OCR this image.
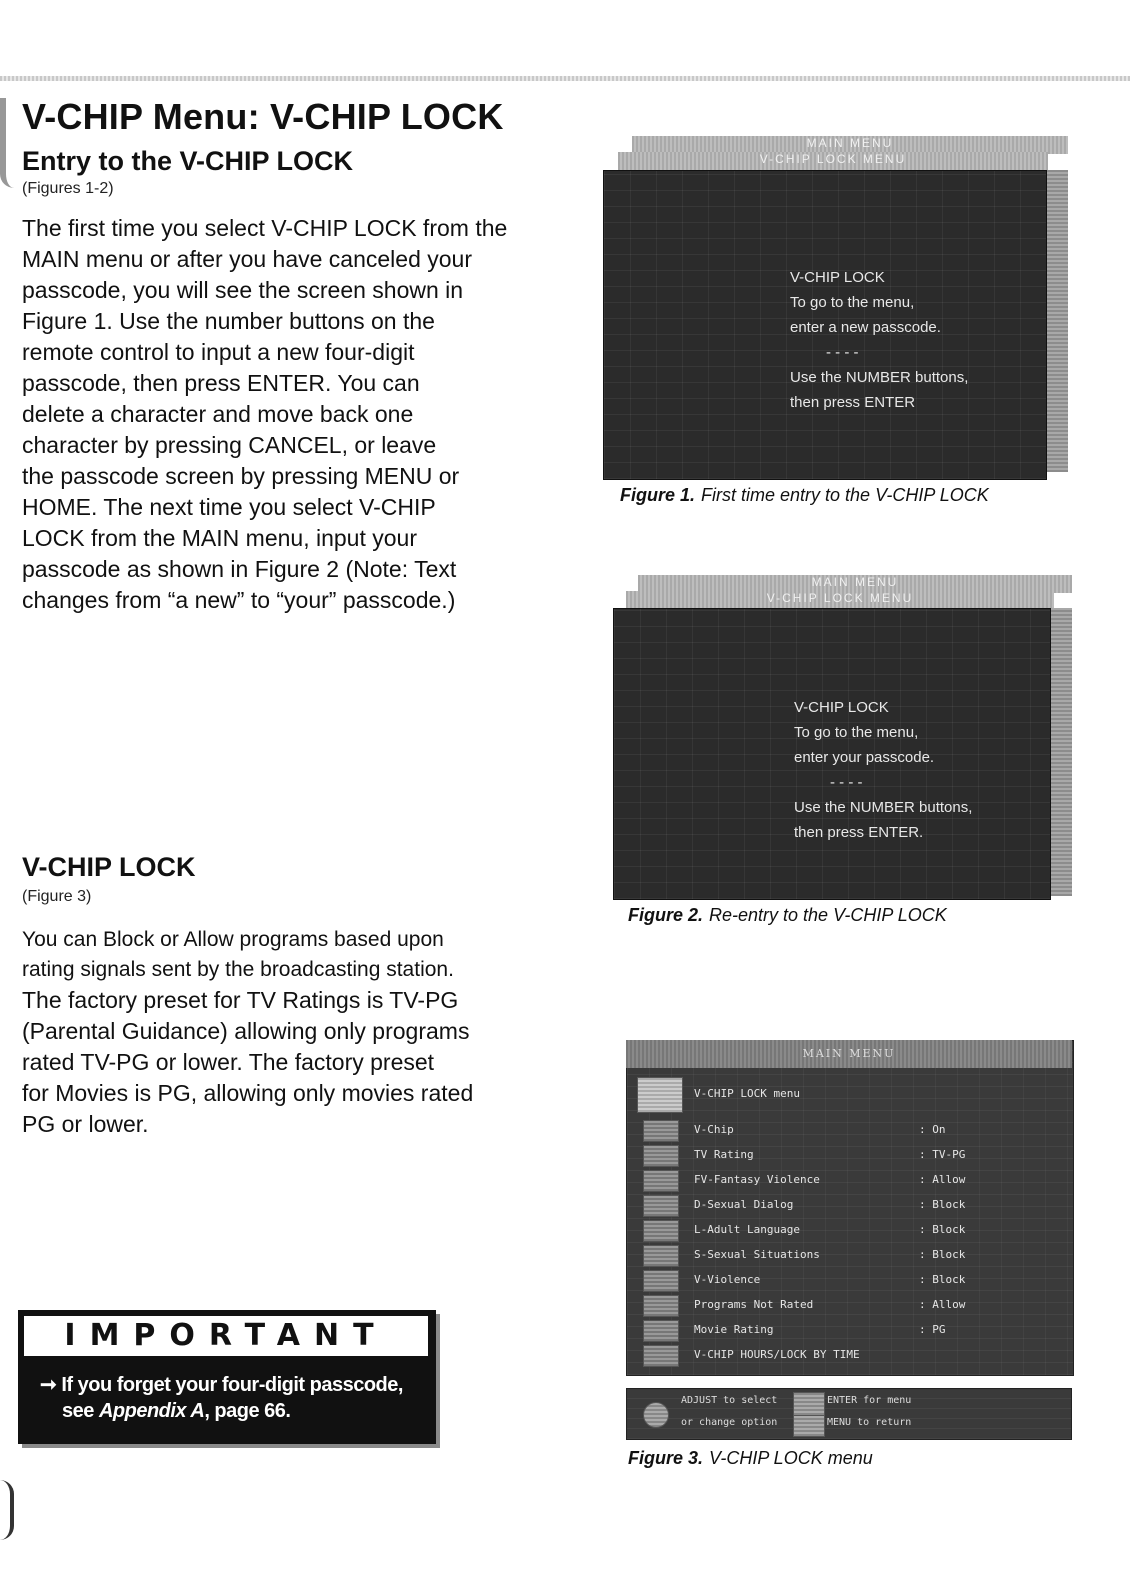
V-CHIP Menu: V-CHIP LOCK
Entry to the V-CHIP LOCK
(Figures 1-2)
The first time you select V-CHIP LOCK from the
MAIN menu or after you have canceled your
passcode, you will see the screen shown in
Figure 1. Use the number buttons on the
remote control to input a new four-digit
passcode, then press ENTER. You can
delete a character and move back one
character by pressing CANCEL, or leave
the passcode screen by pressing MENU or
HOME. The next time you select V-CHIP
LOCK from the MAIN menu, input your
passcode as shown in Figure 2 (Note: Text
changes from “a new” to “your” passcode.)
V-CHIP LOCK
(Figure 3)
You can Block or Allow programs based upon
rating signals sent by the broadcasting station.
The factory preset for TV Ratings is TV-PG
(Parental Guidance) allowing only programs
rated TV-PG or lower. The factory preset
for Movies is PG, allowing only movies rated
PG or lower.
IMPORTANT
➞ If you forget your four-digit passcode,
see Appendix A, page 66.
MAIN MENU
V-CHIP LOCK MENU
V-CHIP LOCK
To go to the menu,
enter a new passcode.
- - - -
Use the NUMBER buttons,
then press ENTER
Figure 1. First time entry to the V-CHIP LOCK
MAIN MENU
V-CHIP LOCK MENU
V-CHIP LOCK
To go to the menu,
enter your passcode.
- - - -
Use the NUMBER buttons,
then press ENTER.
Figure 2. Re-entry to the V-CHIP LOCK
V-CHIP LOCK menu
V-Chip	: On
TV Rating	: TV-PG
FV-Fantasy Violence	: Allow
D-Sexual Dialog	: Block
L-Adult Language	: Block
S-Sexual Situations	: Block
V-Violence	: Block
Programs Not Rated	: Allow
Movie Rating	: PG
V-CHIP HOURS/LOCK BY TIME
MAIN MENU
ADJUST to select
or change option
ENTER for menu
MENU to return
Figure 3. V-CHIP LOCK menu
